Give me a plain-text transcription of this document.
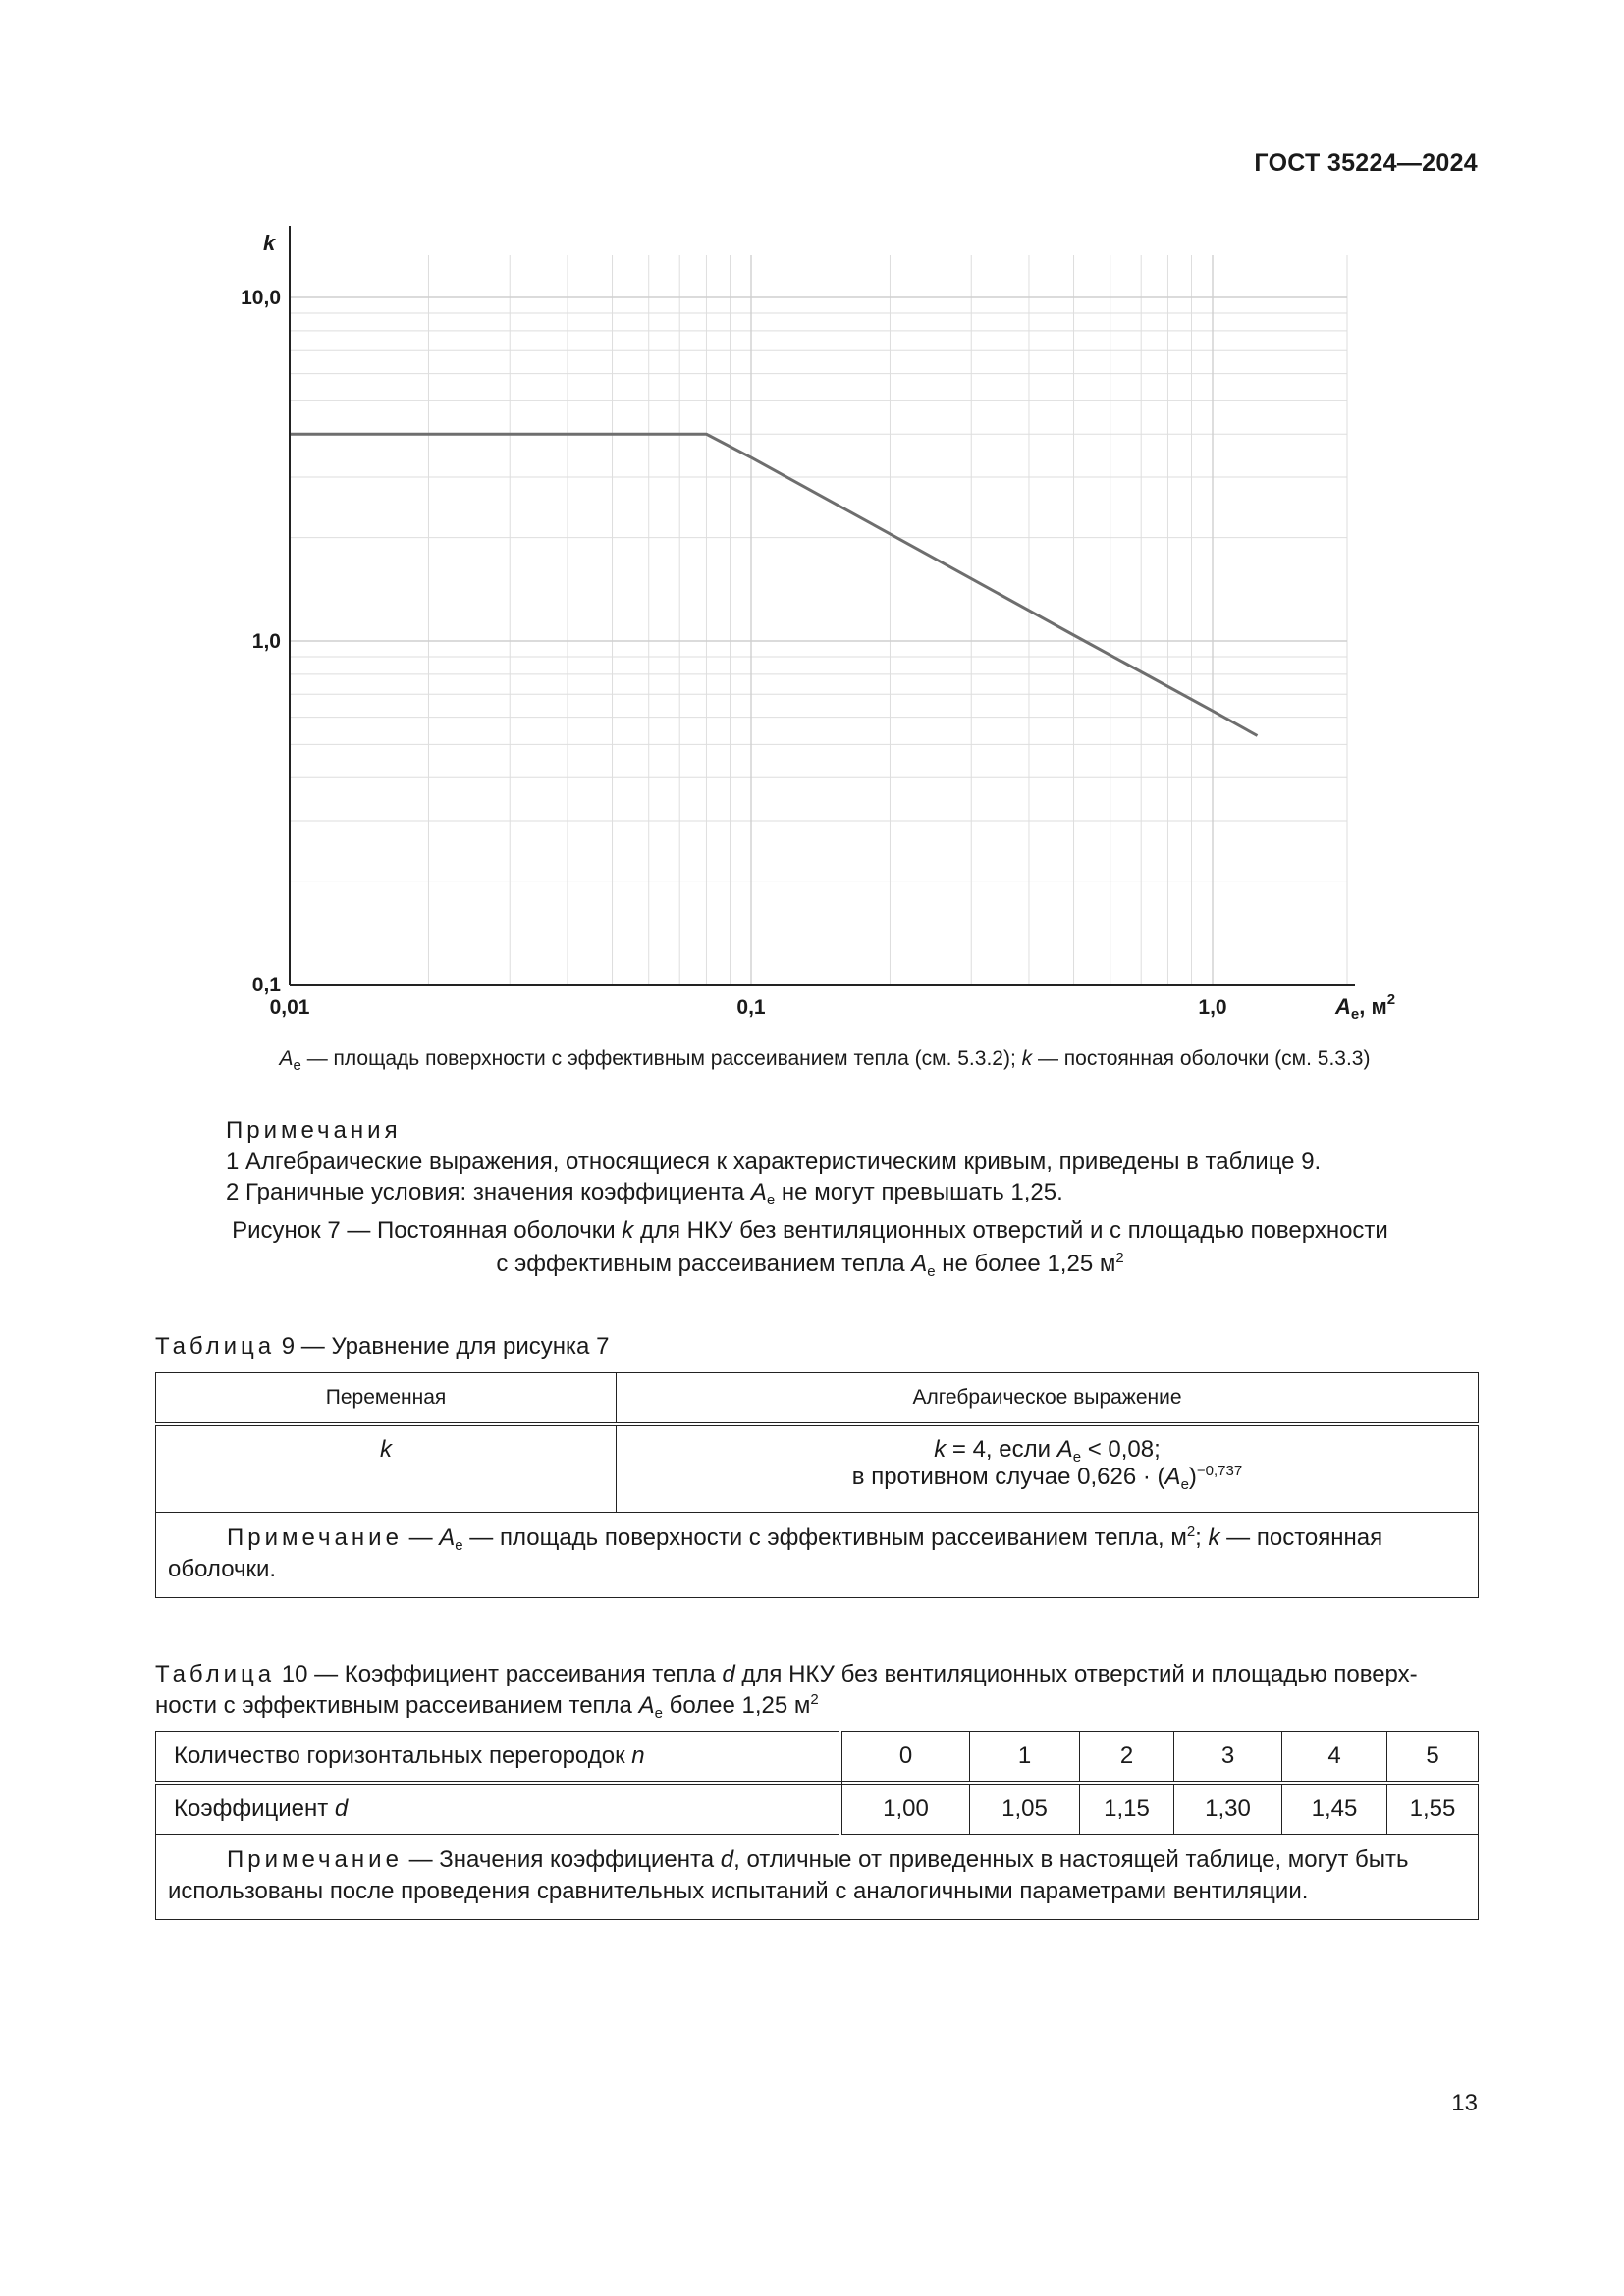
ГОСТ 35224—2024
10,0
1,0
0,1
0,01	0,1	1,0
k
$A_e$, $м^2$
$A_e$ — площадь поверхности с эффективным рассеиванием тепла (см. 5.3.2); k — постоянная оболочки (см. 5.3.3)
Примечания
1 Алгебраические выражения, относящиеся к характеристическим кривым, приведены в таблице 9.
2 Граничные условия: значения коэффициента $A_e$ не могут превышать 1,25.
Рисунок 7 — Постоянная оболочки k для НКУ без вентиляционных отверстий и с площадью поверхности
с эффективным рассеиванием тепла $A_e$ не более 1,25 $м^2$
Таблица 9 — Уравнение для рисунка 7
Переменная	Алгебраическое выражение
k	k = 4, если $A_e < 0,08$;
в противном случае $0,626 \cdot (A_e)^{-0,737}$

Примечание — $A_e$ — площадь поверхности с эффективным рассеиванием тепла, $м^2$; k — постоянная оболочки.	
Таблица 10 — Коэффициент рассеивания тепла d для НКУ без вентиляционных отверстий и площадью поверх-
ности с эффективным рассеиванием тепла $A_e$ более 1,25 $м^2$
Количество горизонтальных перегородок n	0	1	2	3	4	5
Коэффициент d	1,00	1,05	1,15	1,30	1,45	1,55
Примечание — Значения коэффициента d, отличные от приведенных в настоящей таблице, могут быть использованы после проведения сравнительных испытаний с аналогичными параметрами вентиляции.						
13
